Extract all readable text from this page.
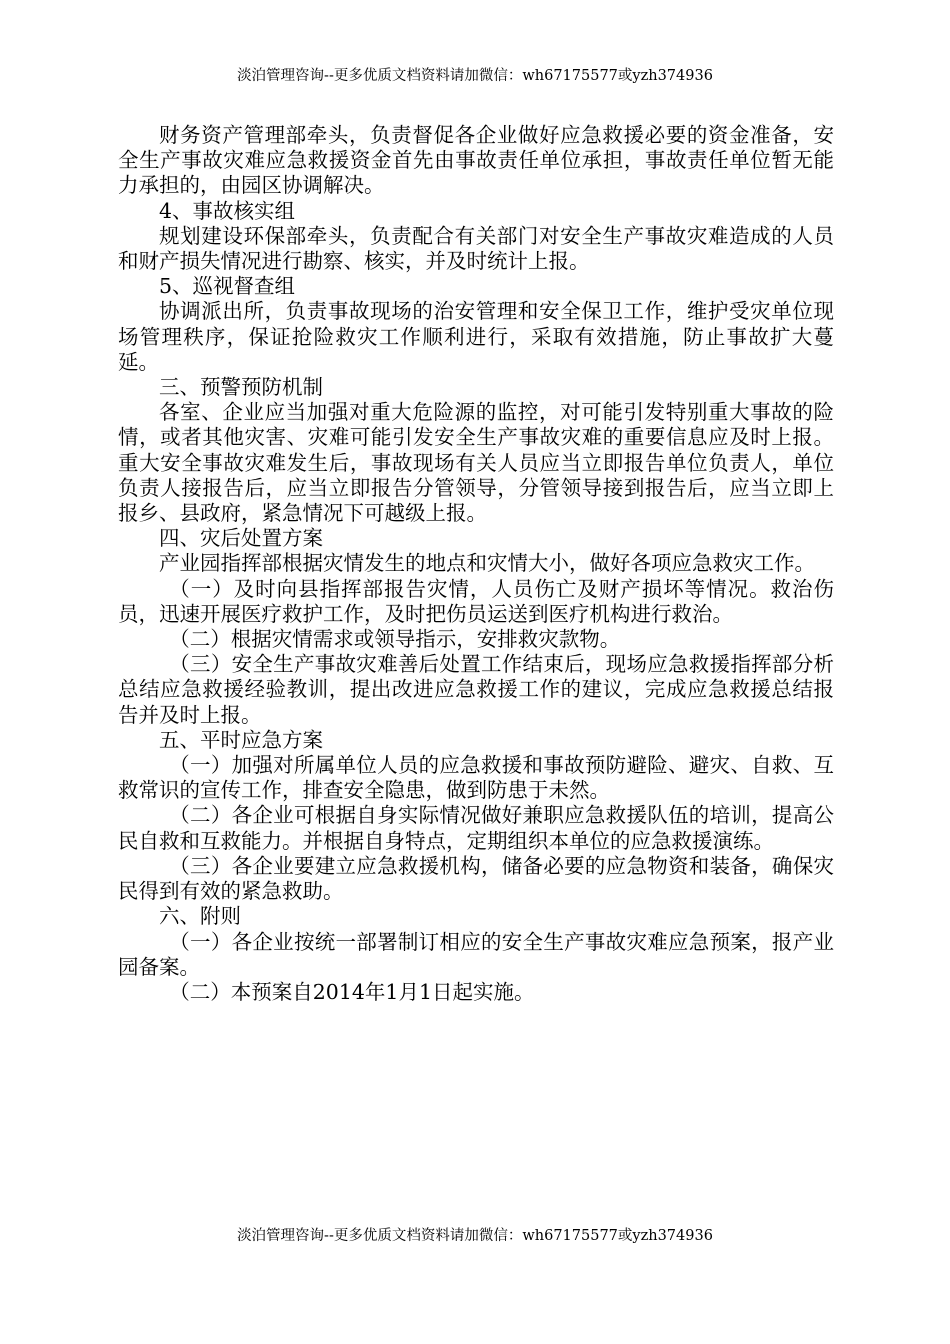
淡泊管理咨询--更多优质文档资料请加微信：wh67175577或yzh374936

财务资产管理部牵头，负责督促各企业做好应急救援必要的资金准备，安全生产事故灾难应急救援资金首先由事故责任单位承担，事故责任单位暂无能力承担的，由园区协调解决。

4、事故核实组

规划建设环保部牵头，负责配合有关部门对安全生产事故灾难造成的人员和财产损失情况进行勘察、核实，并及时统计上报。

5、巡视督查组

协调派出所，负责事故现场的治安管理和安全保卫工作，维护受灾单位现场管理秩序，保证抢险救灾工作顺利进行，采取有效措施，防止事故扩大蔓延。

三、预警预防机制

各室、企业应当加强对重大危险源的监控，对可能引发特别重大事故的险情，或者其他灾害、灾难可能引发安全生产事故灾难的重要信息应及时上报。重大安全事故灾难发生后，事故现场有关人员应当立即报告单位负责人，单位负责人接报告后，应当立即报告分管领导，分管领导接到报告后，应当立即上报乡、县政府，紧急情况下可越级上报。

四、灾后处置方案

产业园指挥部根据灾情发生的地点和灾情大小，做好各项应急救灾工作。

（一）及时向县指挥部报告灾情，人员伤亡及财产损坏等情况。救治伤员，迅速开展医疗救护工作，及时把伤员运送到医疗机构进行救治。

（二）根据灾情需求或领导指示，安排救灾款物。

（三）安全生产事故灾难善后处置工作结束后，现场应急救援指挥部分析总结应急救援经验教训，提出改进应急救援工作的建议，完成应急救援总结报告并及时上报。

五、平时应急方案

（一）加强对所属单位人员的应急救援和事故预防避险、避灾、自救、互救常识的宣传工作，排查安全隐患，做到防患于未然。

（二）各企业可根据自身实际情况做好兼职应急救援队伍的培训，提高公民自救和互救能力。并根据自身特点，定期组织本单位的应急救援演练。

（三）各企业要建立应急救援机构，储备必要的应急物资和装备，确保灾民得到有效的紧急救助。

六、附则

（一）各企业按统一部署制订相应的安全生产事故灾难应急预案，报产业园备案。

（二）本预案自2014年1月1日起实施。

淡泊管理咨询--更多优质文档资料请加微信：wh67175577或yzh374936
